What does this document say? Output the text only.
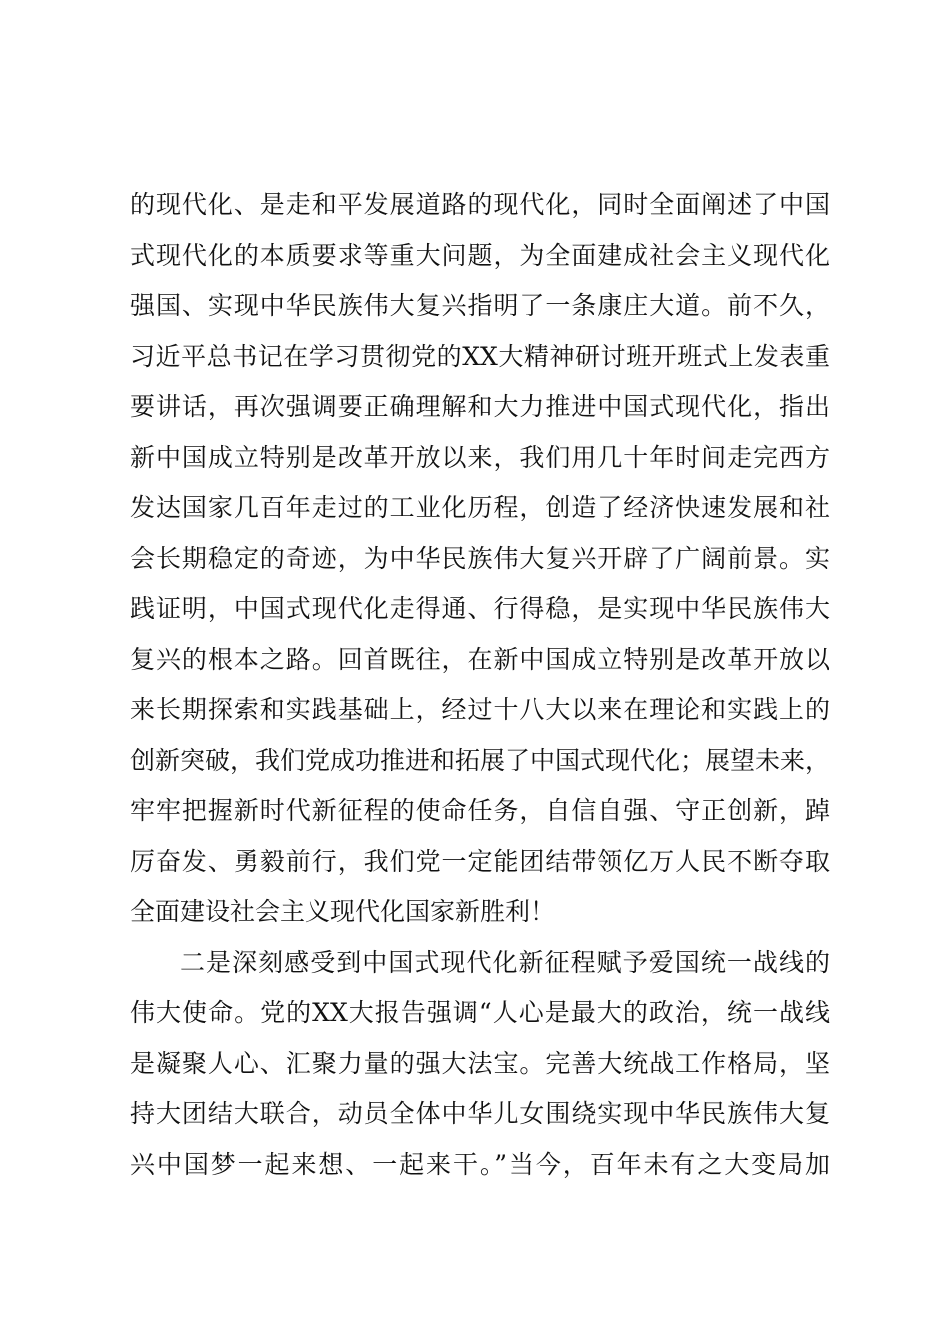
的现代化、是走和平发展道路的现代化，同时全面阐述了中国
式现代化的本质要求等重大问题，为全面建成社会主义现代化
强国、实现中华民族伟大复兴指明了一条康庄大道。前不久，
习近平总书记在学习贯彻党的XX大精神研讨班开班式上发表重
要讲话，再次强调要正确理解和大力推进中国式现代化，指出
新中国成立特别是改革开放以来，我们用几十年时间走完西方
发达国家几百年走过的工业化历程，创造了经济快速发展和社
会长期稳定的奇迹，为中华民族伟大复兴开辟了广阔前景。实
践证明，中国式现代化走得通、行得稳，是实现中华民族伟大
复兴的根本之路。回首既往，在新中国成立特别是改革开放以
来长期探索和实践基础上，经过十八大以来在理论和实践上的
创新突破，我们党成功推进和拓展了中国式现代化；展望未来，
牢牢把握新时代新征程的使命任务，自信自强、守正创新，踔
厉奋发、勇毅前行，我们党一定能团结带领亿万人民不断夺取
全面建设社会主义现代化国家新胜利！
二是深刻感受到中国式现代化新征程赋予爱国统一战线的
伟大使命。党的XX大报告强调“人心是最大的政治，统一战线
是凝聚人心、汇聚力量的强大法宝。完善大统战工作格局，坚
持大团结大联合，动员全体中华儿女围绕实现中华民族伟大复
兴中国梦一起来想、一起来干。”当今，百年未有之大变局加
